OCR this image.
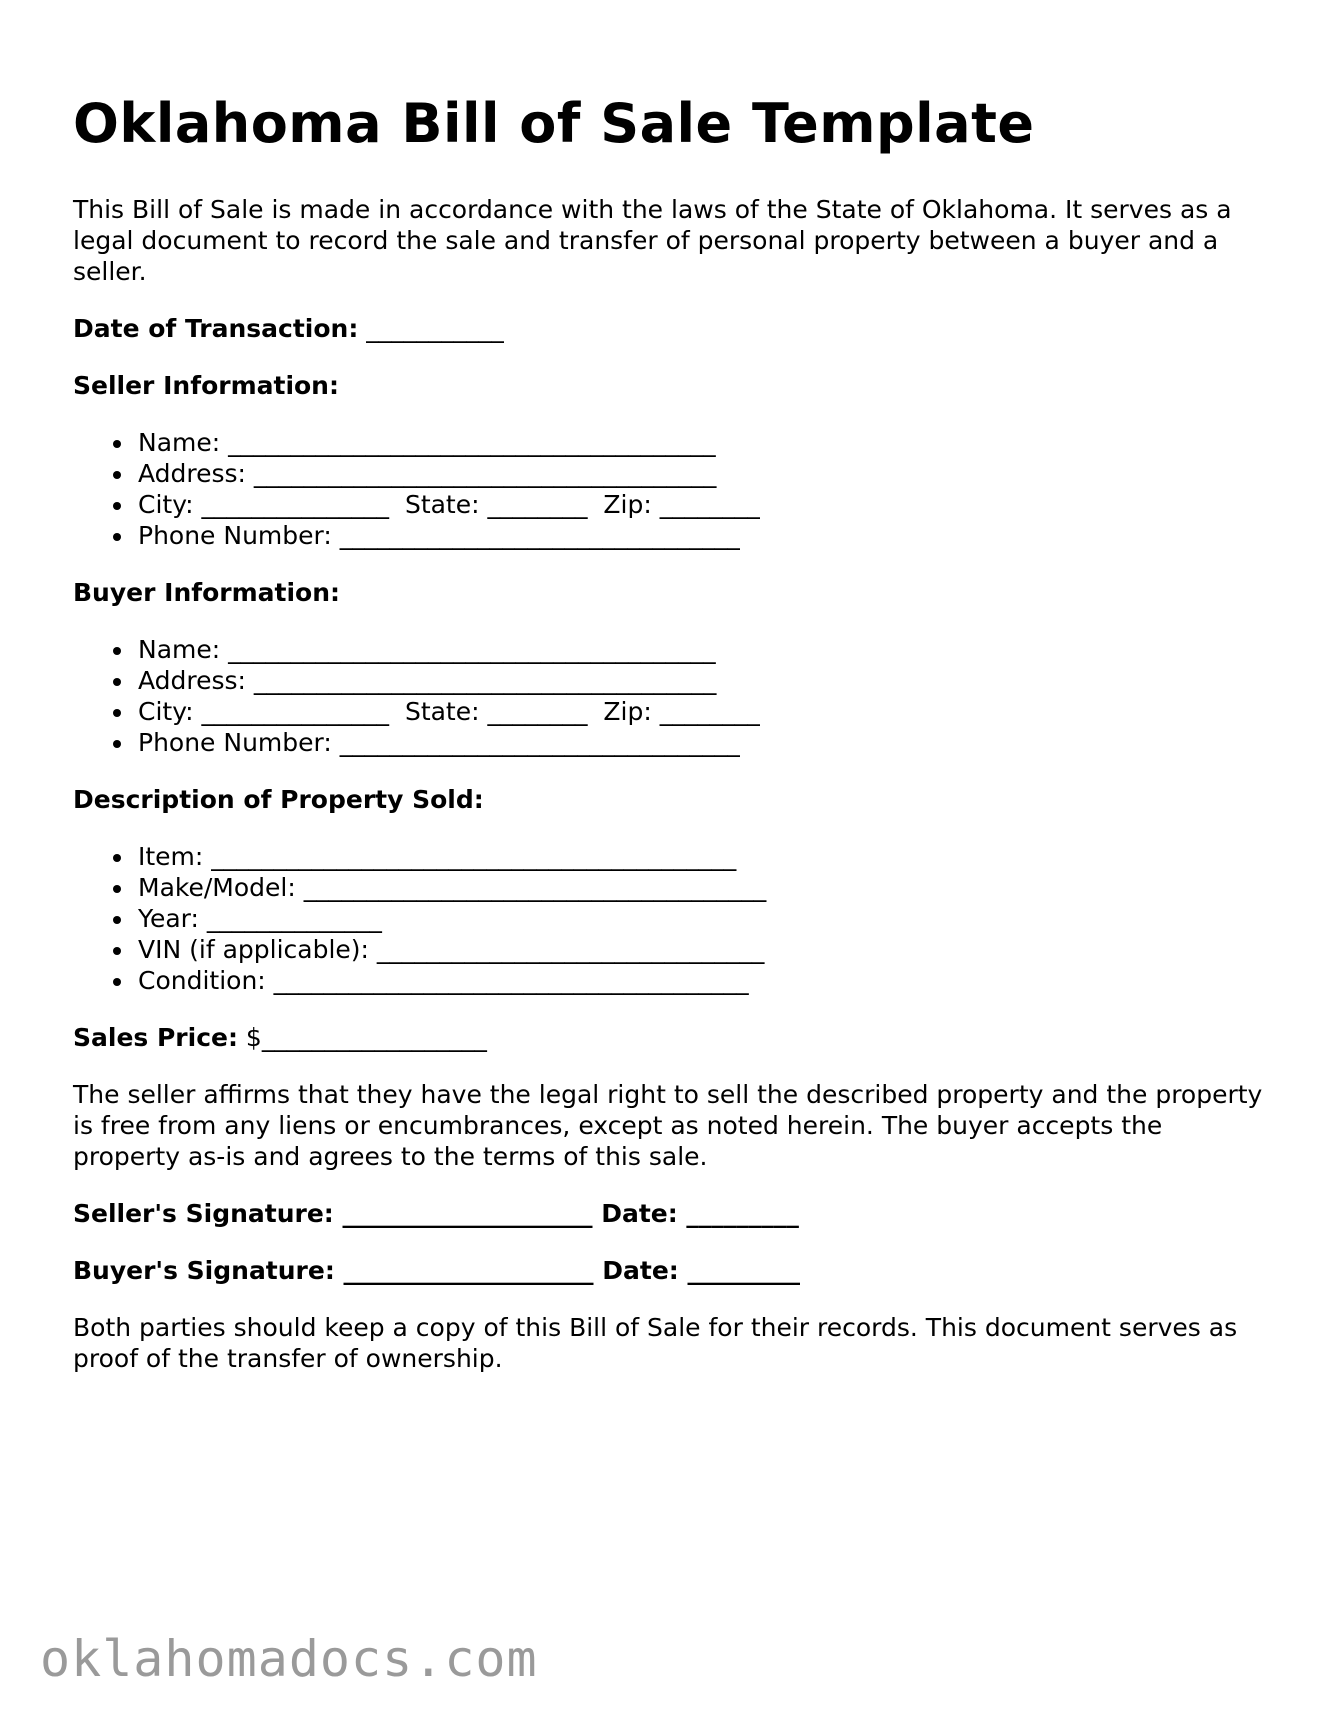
Oklahoma Bill of Sale Template

This Bill of Sale is made in accordance with the laws of the State of Oklahoma. It serves as a legal document to record the sale and transfer of personal property between a buyer and a seller.

Date of Transaction: ___________
Seller Information:
Name: _______________________________________
Address: _____________________________________
City: _______________  State: ________  Zip: ________
Phone Number: ________________________________
Buyer Information:
Name: _______________________________________
Address: _____________________________________
City: _______________  State: ________  Zip: ________
Phone Number: ________________________________
Description of Property Sold:
Item: __________________________________________
Make/Model: _____________________________________
Year: ______________
VIN (if applicable): _______________________________
Condition: ______________________________________
Sales Price: $__________________

The seller affirms that they have the legal right to sell the described property and the property is free from any liens or encumbrances, except as noted herein. The buyer accepts the property as-is and agrees to the terms of this sale.

Seller's Signature: ____________________ Date: _________
Buyer's Signature: ____________________ Date: _________

Both parties should keep a copy of this Bill of Sale for their records. This document serves as proof of the transfer of ownership.

oklahomadocs.com
